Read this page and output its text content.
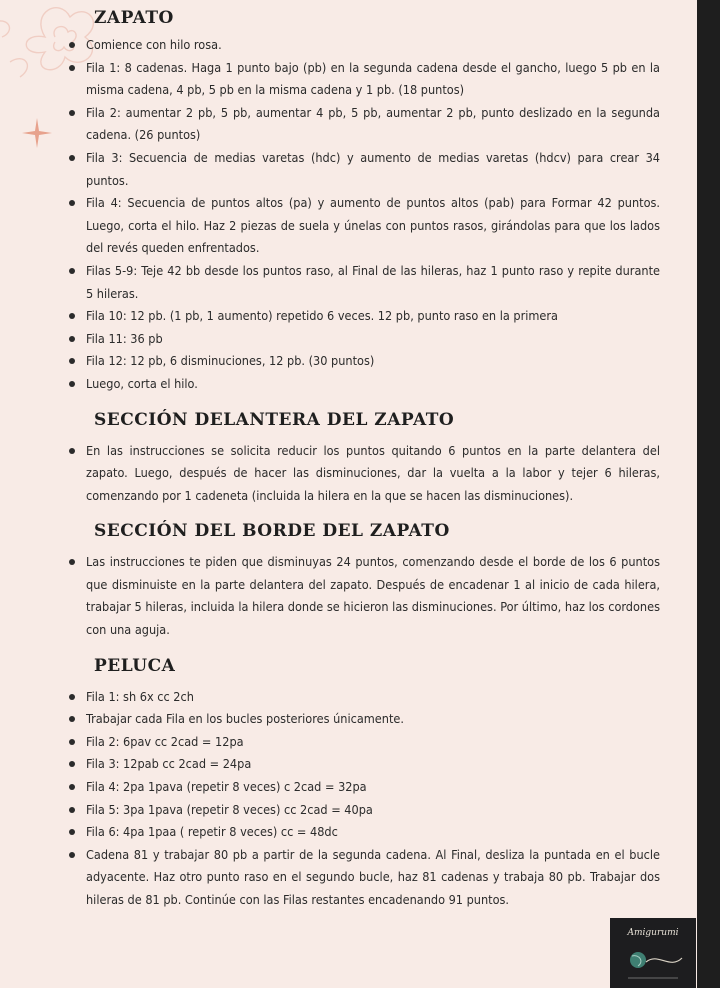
ZAPATO
Comience con hilo rosa.
Fila 1: 8 cadenas. Haga 1 punto bajo (pb) en la segunda cadena desde el gancho, luego 5 pb en la misma cadena, 4 pb, 5 pb en la misma cadena y 1 pb. (18 puntos)
Fila 2: aumentar 2 pb, 5 pb, aumentar 4 pb, 5 pb, aumentar 2 pb, punto deslizado en la segunda cadena. (26 puntos)
Fila 3: Secuencia de medias varetas (hdc) y aumento de medias varetas (hdcv) para crear 34 puntos.
Fila 4: Secuencia de puntos altos (pa) y aumento de puntos altos (pab) para Formar 42 puntos. Luego, corta el hilo. Haz 2 piezas de suela y únelas con puntos rasos, girándolas para que los lados del revés queden enfrentados.
Filas 5-9: Teje 42 bb desde los puntos raso, al Final de las hileras, haz 1 punto raso y repite durante 5 hileras.
Fila 10: 12 pb. (1 pb, 1 aumento) repetido 6 veces. 12 pb, punto raso en la primera
Fila 11: 36 pb
Fila 12: 12 pb, 6 disminuciones, 12 pb. (30 puntos)
Luego, corta el hilo.
SECCIÓN DELANTERA DEL ZAPATO
En las instrucciones se solicita reducir los puntos quitando 6 puntos en la parte delantera del zapato. Luego, después de hacer las disminuciones, dar la vuelta a la labor y tejer 6 hileras, comenzando por 1 cadeneta (incluida la hilera en la que se hacen las disminuciones).
SECCIÓN DEL BORDE DEL ZAPATO
Las instrucciones te piden que disminuyas 24 puntos, comenzando desde el borde de los 6 puntos que disminuiste en la parte delantera del zapato. Después de encadenar 1 al inicio de cada hilera, trabajar 5 hileras, incluida la hilera donde se hicieron las disminuciones. Por último, haz los cordones con una aguja.
PELUCA
Fila 1: sh 6x cc 2ch
Trabajar cada Fila en los bucles posteriores únicamente.
Fila 2: 6pav cc 2cad = 12pa
Fila 3: 12pab cc 2cad = 24pa
Fila 4: 2pa 1pava (repetir 8 veces) c 2cad = 32pa
Fila 5: 3pa 1pava (repetir 8 veces) cc 2cad = 40pa
Fila 6: 4pa 1paa ( repetir 8 veces) cc = 48dc
Cadena 81 y trabajar 80 pb a partir de la segunda cadena. Al Final, desliza la puntada en el bucle adyacente. Haz otro punto raso en el segundo bucle, haz 81 cadenas y trabaja 80 pb. Trabajar dos hileras de 81 pb. Continúe con las Filas restantes encadenando 91 puntos.
Amigurumi
